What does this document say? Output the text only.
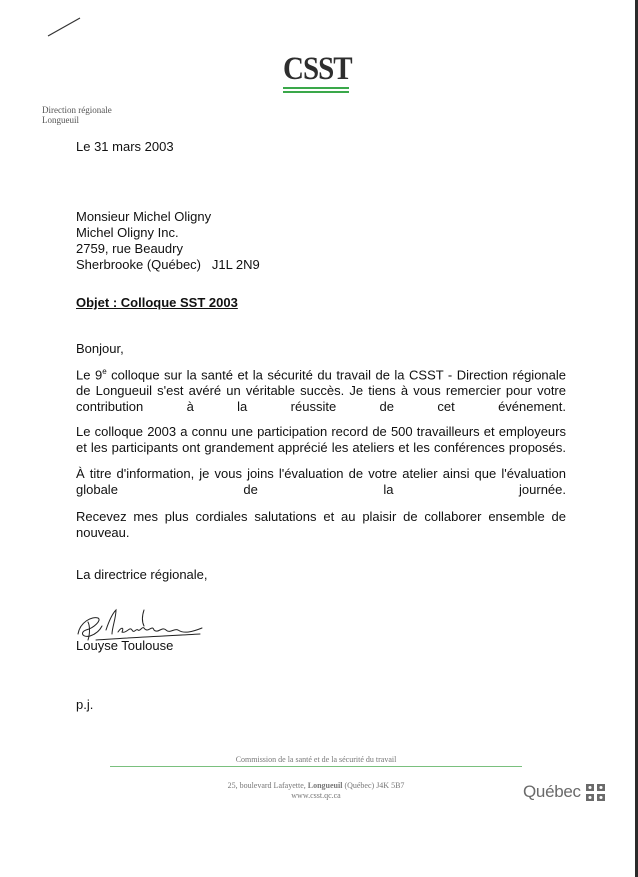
CSST
Direction régionale
Longueuil
Le 31 mars 2003
Monsieur Michel Oligny
Michel Oligny Inc.
2759, rue Beaudry
Sherbrooke (Québec)   J1L 2N9
Objet : Colloque SST 2003
Bonjour,
Le 9e colloque sur la santé et la sécurité du travail de la CSST - Direction régionale de Longueuil s'est avéré un véritable succès. Je tiens à vous remercier pour votre contribution à la réussite de cet événement.
Le colloque 2003 a connu une participation record de 500 travailleurs et employeurs et les participants ont grandement apprécié les ateliers et les conférences proposés.
À titre d'information, je vous joins l'évaluation de votre atelier ainsi que l'évaluation globale de la journée.
Recevez mes plus cordiales salutations et au plaisir de collaborer ensemble de nouveau.
La directrice régionale,
Louyse Toulouse
p.j.
Commission de la santé et de la sécurité du travail
25, boulevard Lafayette, Longueuil (Québec) J4K 5B7
www.csst.qc.ca	Québec
